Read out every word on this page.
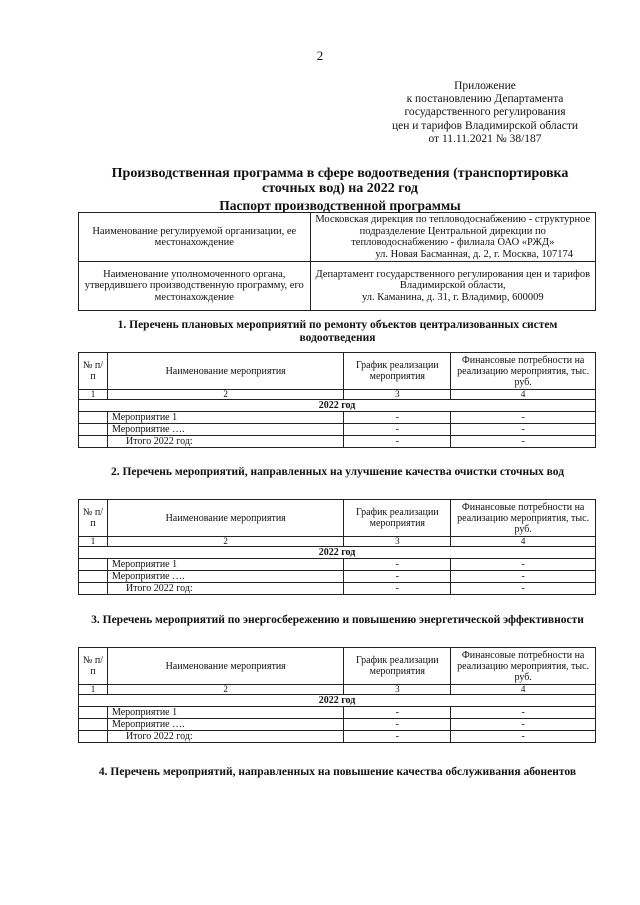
2
Приложение
к постановлению Департамента
государственного регулирования
цен и тарифов Владимирской области
от 11.11.2021 № 38/187
Производственная программа в сфере водоотведения (транспортировка сточных вод) на 2022 год
Паспорт производственной программы
Наименование регулируемой организации, ее местонахождение	Московская дирекция по тепловодоснабжению - структурное подразделение Центральной дирекции по тепловодоснабжению - филиала ОАО «РЖД»
ул. Новая Басманная, д. 2, г. Москва, 107174

Наименование уполномоченного органа, утвердившего производственную программу, его местонахождение	Департамент государственного регулирования цен и тарифов Владимирской области,
ул. Каманина, д. 31, г. Владимир, 600009
1. Перечень плановых мероприятий по ремонту объектов централизованных систем водоотведения
№ п/п	Наименование мероприятия	График реализации мероприятия	Финансовые потребности на реализацию мероприятия, тыс. руб.
1	2	3	4
2022 год			
	Мероприятие 1	-	-
	Мероприятие ….	-	-
	Итого 2022 год:	-	-
2. Перечень мероприятий, направленных на улучшение качества очистки сточных вод
№ п/п	Наименование мероприятия	График реализации мероприятия	Финансовые потребности на реализацию мероприятия, тыс. руб.
1	2	3	4
2022 год			
	Мероприятие 1	-	-
	Мероприятие ….	-	-
	Итого 2022 год:	-	-
3. Перечень мероприятий по энергосбережению и повышению энергетической эффективности
№ п/п	Наименование мероприятия	График реализации мероприятия	Финансовые потребности на реализацию мероприятия, тыс. руб.
1	2	3	4
2022 год			
	Мероприятие 1	-	-
	Мероприятие ….	-	-
	Итого 2022 год:	-	-
4. Перечень мероприятий, направленных на повышение качества обслуживания абонентов
